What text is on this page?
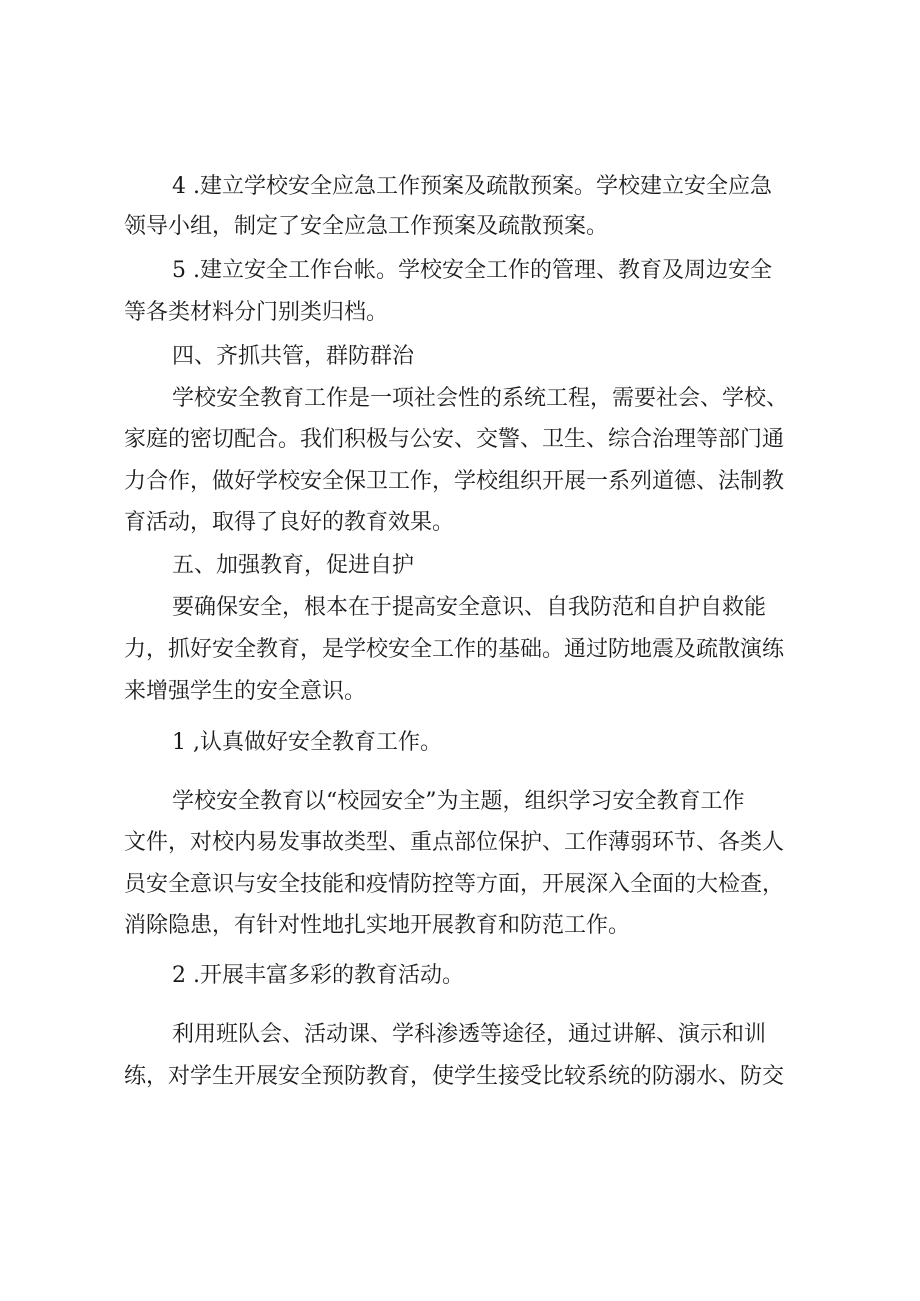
4 .建立学校安全应急工作预案及疏散预案。学校建立安全应急
领导小组，制定了安全应急工作预案及疏散预案。
5 .建立安全工作台帐。学校安全工作的管理、教育及周边安全
等各类材料分门别类归档。
四、齐抓共管，群防群治
学校安全教育工作是一项社会性的系统工程，需要社会、学校、
家庭的密切配合。我们积极与公安、交警、卫生、综合治理等部门通
力合作，做好学校安全保卫工作，学校组织开展一系列道德、法制教
育活动，取得了良好的教育效果。
五、加强教育，促进自护
要确保安全，根本在于提高安全意识、自我防范和自护自救能
力，抓好安全教育，是学校安全工作的基础。通过防地震及疏散演练
来增强学生的安全意识。
1 ,认真做好安全教育工作。
学校安全教育以“校园安全”为主题，组织学习安全教育工作
文件，对校内易发事故类型、重点部位保护、工作薄弱环节、各类人
员安全意识与安全技能和疫情防控等方面，开展深入全面的大检查，
消除隐患，有针对性地扎实地开展教育和防范工作。
2 .开展丰富多彩的教育活动。
利用班队会、活动课、学科渗透等途径，通过讲解、演示和训
练，对学生开展安全预防教育，使学生接受比较系统的防溺水、防交
